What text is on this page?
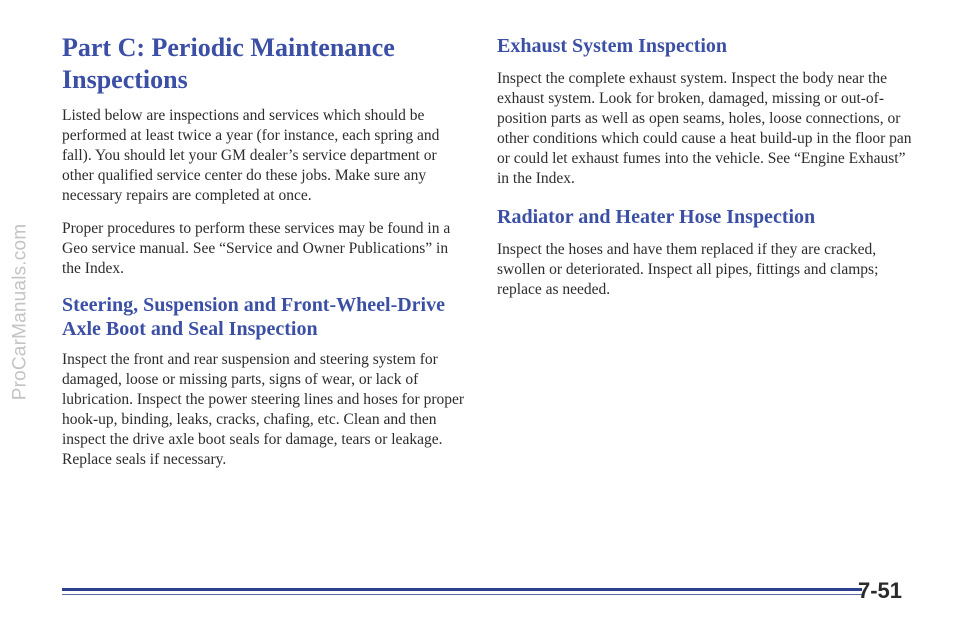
ProCarManuals.com
Part C: Periodic Maintenance Inspections

Listed below are inspections and services which should be performed at least twice a year (for instance, each spring and fall). You should let your GM dealer’s service department or other qualified service center do these jobs. Make sure any necessary repairs are completed at once.

Proper procedures to perform these services may be found in a Geo service manual. See “Service and Owner Publications” in the Index.

Steering, Suspension and Front-Wheel-Drive Axle Boot and Seal Inspection

Inspect the front and rear suspension and steering system for damaged, loose or missing parts, signs of wear, or lack of lubrication. Inspect the power steering lines and hoses for proper hook-up, binding, leaks, cracks, chafing, etc. Clean and then inspect the drive axle boot seals for damage, tears or leakage. Replace seals if necessary.

Exhaust System Inspection

Inspect the complete exhaust system. Inspect the body near the exhaust system. Look for broken, damaged, missing or out-of-position parts as well as open seams, holes, loose connections, or other conditions which could cause a heat build-up in the floor pan or could let exhaust fumes into the vehicle. See “Engine Exhaust” in the Index.

Radiator and Heater Hose Inspection

Inspect the hoses and have them replaced if they are cracked, swollen or deteriorated. Inspect all pipes, fittings and clamps; replace as needed.

7-51
